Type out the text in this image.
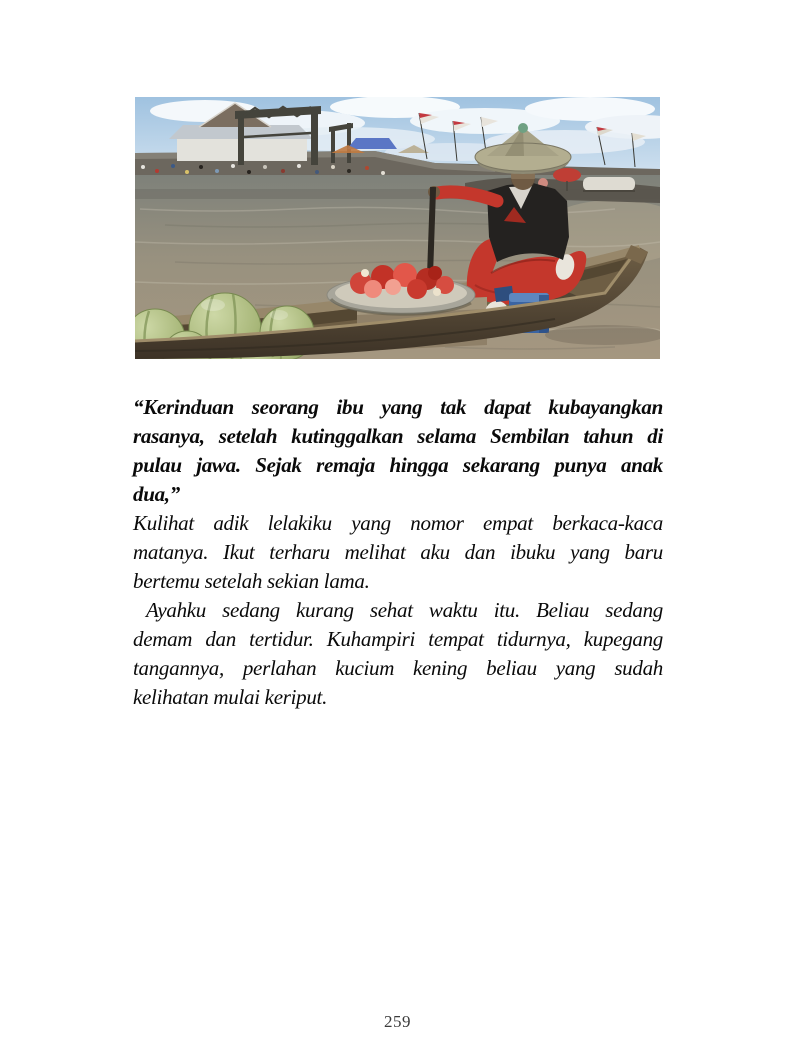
“Kerinduan seorang ibu yang tak dapat kubayangkan
rasanya, setelah kutinggalkan selama Sembilan tahun di
pulau jawa. Sejak remaja hingga sekarang punya anak
dua,”
Kulihat adik lelakiku yang nomor empat berkaca-kaca
matanya. Ikut terharu melihat aku dan ibuku yang baru
bertemu setelah sekian lama.
Ayahku sedang kurang sehat waktu itu. Beliau sedang
demam dan tertidur. Kuhampiri tempat tidurnya, kupegang
tangannya, perlahan kucium kening beliau yang sudah
kelihatan mulai keriput.
259
